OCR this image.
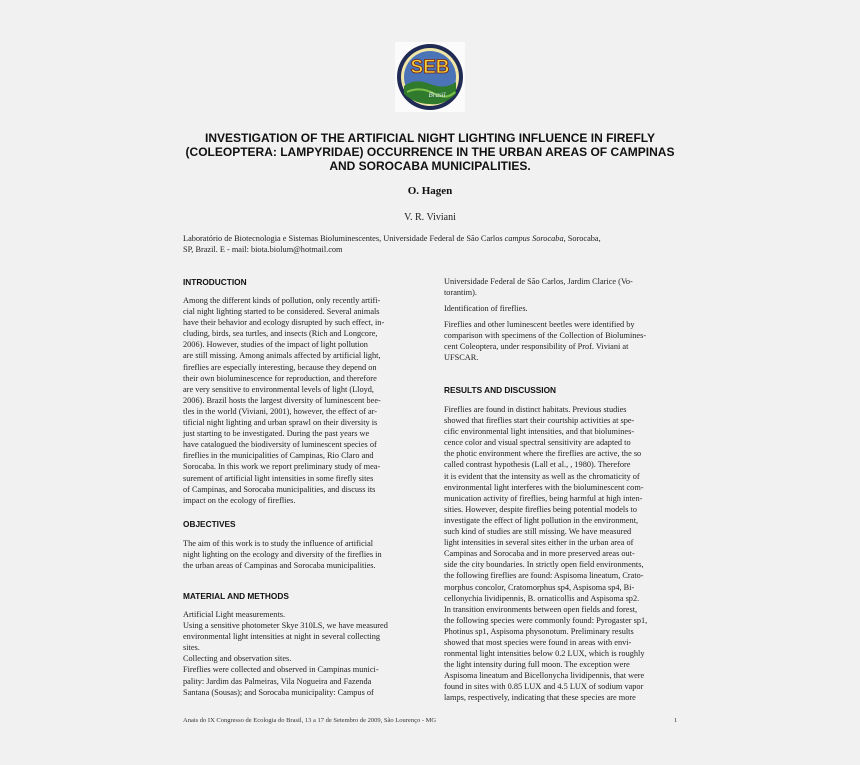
SEB
Brasil
INVESTIGATION OF THE ARTIFICIAL NIGHT LIGHTING INFLUENCE IN FIREFLY (COLEOPTERA: LAMPYRIDAE) OCCURRENCE IN THE URBAN AREAS OF CAMPINAS AND SOROCABA MUNICIPALITIES.
O. Hagen
V. R. Viviani
Laboratório de Biotecnologia e Sistemas Bioluminescentes, Universidade Federal de São Carlos campus Sorocaba, Sorocaba,
SP, Brazil. E - mail: biota.biolum@hotmail.com
INTRODUCTION
Among the different kinds of pollution, only recently artifi-
cial night lighting started to be considered. Several animals
have their behavior and ecology disrupted by such effect, in-
cluding, birds, sea turtles, and insects (Rich and Longcore,
2006). However, studies of the impact of light pollution
are still missing. Among animals affected by artificial light,
fireflies are especially interesting, because they depend on
their own bioluminescence for reproduction, and therefore
are very sensitive to environmental levels of light (Lloyd,
2006). Brazil hosts the largest diversity of luminescent bee-
tles in the world (Viviani, 2001), however, the effect of ar-
tificial night lighting and urban sprawl on their diversity is
just starting to be investigated. During the past years we
have catalogued the biodiversity of luminescent species of
fireflies in the municipalities of Campinas, Rio Claro and
Sorocaba. In this work we report preliminary study of mea-
surement of artificial light intensities in some firefly sites
of Campinas, and Sorocaba municipalities, and discuss its
impact on the ecology of fireflies.
OBJECTIVES
The aim of this work is to study the influence of artificial
night lighting on the ecology and diversity of the fireflies in
the urban areas of Campinas and Sorocaba municipalities.
MATERIAL AND METHODS
Artificial Light measurements.
Using a sensitive photometer Skye 310LS, we have measured
environmental light intensities at night in several collecting
sites.
Collecting and observation sites.
Fireflies were collected and observed in Campinas munici-
pality: Jardim das Palmeiras, Vila Nogueira and Fazenda
Santana (Sousas); and Sorocaba municipality: Campus of
Universidade Federal de São Carlos, Jardim Clarice (Vo-
torantim).
Identification of fireflies.
Fireflies and other luminescent beetles were identified by
comparison with specimens of the Collection of Biolumines-
cent Coleoptera, under responsibility of Prof. Viviani at
UFSCAR.
RESULTS AND DISCUSSION
Fireflies are found in distinct habitats. Previous studies
showed that fireflies start their courtship activities at spe-
cific environmental light intensities, and that biolumines-
cence color and visual spectral sensitivity are adapted to
the photic environment where the fireflies are active, the so
called contrast hypothesis (Lall et al., , 1980). Therefore
it is evident that the intensity as well as the chromaticity of
environmental light interferes with the bioluminescent com-
munication activity of fireflies, being harmful at high inten-
sities. However, despite fireflies being potential models to
investigate the effect of light pollution in the environment,
such kind of studies are still missing. We have measured
light intensities in several sites either in the urban area of
Campinas and Sorocaba and in more preserved areas out-
side the city boundaries. In strictly open field environments,
the following fireflies are found: Aspisoma lineatum, Crato-
morphus concolor, Cratomorphus sp4, Aspisoma sp4, Bi-
cellonychia lividipennis, B. ornaticollis and Aspisoma sp2.
In transition environments between open fields and forest,
the following species were commonly found: Pyrogaster sp1,
Photinus sp1, Aspisoma physonotum. Preliminary results
showed that most species were found in areas with envi-
ronmental light intensities below 0.2 LUX, which is roughly
the light intensity during full moon. The exception were
Aspisoma lineatum and Bicellonycha lividipennis, that were
found in sites with 0.85 LUX and 4.5 LUX of sodium vapor
lamps, respectively, indicating that these species are more
Anais do IX Congresso de Ecologia do Brasil, 13 a 17 de Setembro de 2009, São Lourenço - MG	1
